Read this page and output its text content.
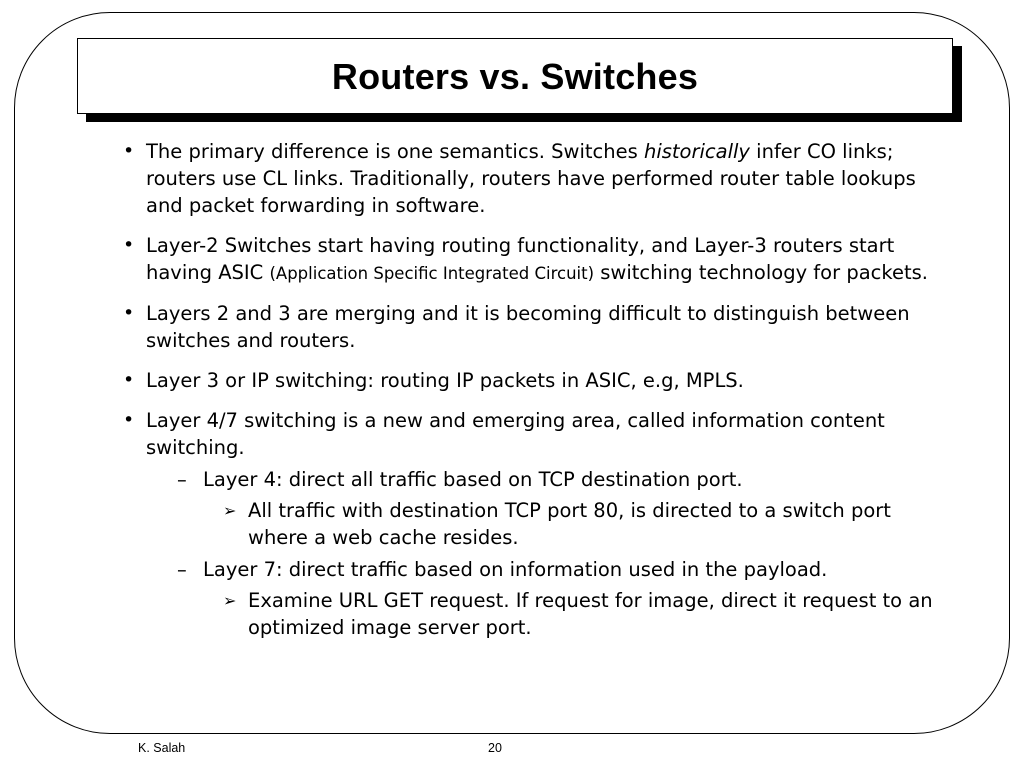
Routers vs. Switches
• The primary difference is one semantics. Switches historically infer CO links; routers use CL links. Traditionally, routers have performed router table lookups and packet forwarding in software.
• Layer-2 Switches start having routing functionality, and Layer-3 routers start having ASIC (Application Specific Integrated Circuit) switching technology for packets.
• Layers 2 and 3 are merging and it is becoming difficult to distinguish between switches and routers.
• Layer 3 or IP switching: routing IP packets in ASIC, e.g, MPLS.
• Layer 4/7 switching is a new and emerging area, called information content switching.
– Layer 4: direct all traffic based on TCP destination port.
➢ All traffic with destination TCP port 80, is directed to a switch port where a web cache resides.
– Layer 7: direct traffic based on information used in the payload.
➢ Examine URL GET request. If request for image, direct it request to an optimized image server port.
K. Salah	20
